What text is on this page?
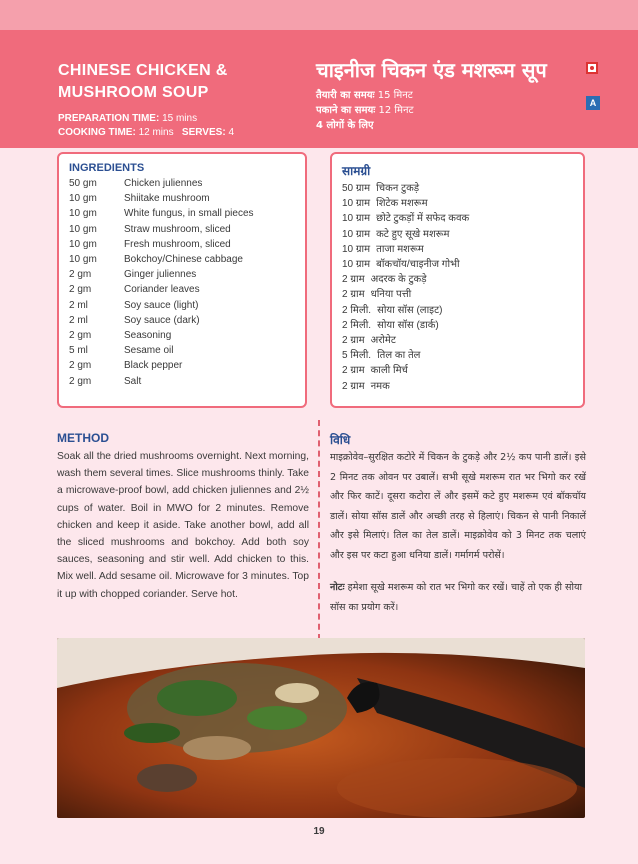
CHINESE CHICKEN & MUSHROOM SOUP
PREPARATION TIME: 15 mins
COOKING TIME: 12 mins SERVES: 4
चाइनीज चिकन एंड मशरूम सूप
तैयारी का समयः 15 मिनट
पकाने का समयः 12 मिनट
4 लोगों के लिए
A
INGREDIENTS
50 gm	Chicken juliennes
10 gm	Shiitake mushroom
10 gm	White fungus, in small pieces
10 gm	Straw mushroom, sliced
10 gm	Fresh mushroom, sliced
10 gm	Bokchoy/Chinese cabbage
2 gm	Ginger juliennes
2 gm	Coriander leaves
2 ml	Soy sauce (light)
2 ml	Soy sauce (dark)
2 gm	Seasoning
5 ml	Sesame oil
2 gm	Black pepper
2 gm	Salt
सामग्री
50 ग्राम चिकन टुकड़े
10 ग्राम शिटेक मशरूम
10 ग्राम छोटे टुकड़ों में सफेद कवक
10 ग्राम कटे हुए सूखे मशरूम
10 ग्राम ताजा मशरूम
10 ग्राम बॉकचॉय/चाइनीज गोभी
2 ग्राम अदरक के टुकड़े
2 ग्राम धनिया पत्ती
2 मिली. सोया सॉस (लाइट)
2 मिली. सोया सॉस (डार्क)
2 ग्राम अरोमेट
5 मिली. तिल का तेल
2 ग्राम काली मिर्च
2 ग्राम नमक
METHOD
Soak all the dried mushrooms overnight. Next morning, wash them several times. Slice mushrooms thinly. Take a microwave-proof bowl, add chicken juliennes and 2½ cups of water. Boil in MWO for 2 minutes. Remove chicken and keep it aside. Take another bowl, add all the sliced mushrooms and bokchoy. Add both soy sauces, seasoning and stir well. Add chicken to this. Mix well. Add sesame oil. Microwave for 3 minutes. Top it up with chopped coriander. Serve hot.
विधि
माइक्रोवेव–सुरक्षित कटोरे में चिकन के टुकड़े और 2½ कप पानी डालें। इसे 2 मिनट तक ओवन पर उबालें। सभी सूखे मशरूम रात भर भिगो कर रखें और फिर काटें। दूसरा कटोरा लें और इसमें कटे हुए मशरूम एवं बॉकचॉय डालें। सोया सॉस डालें और अच्छी तरह से हिलाएं। चिकन से पानी निकालें और इसे मिलाएं। तिल का तेल डालें। माइक्रोवेव को 3 मिनट तक चलाएं और इस पर कटा हुआ धनिया डालें। गर्मागर्म परोसें।
नोटः हमेशा सूखे मशरूम को रात भर भिगो कर रखें। चाहें तो एक ही सोया सॉस का प्रयोग करें।
19
